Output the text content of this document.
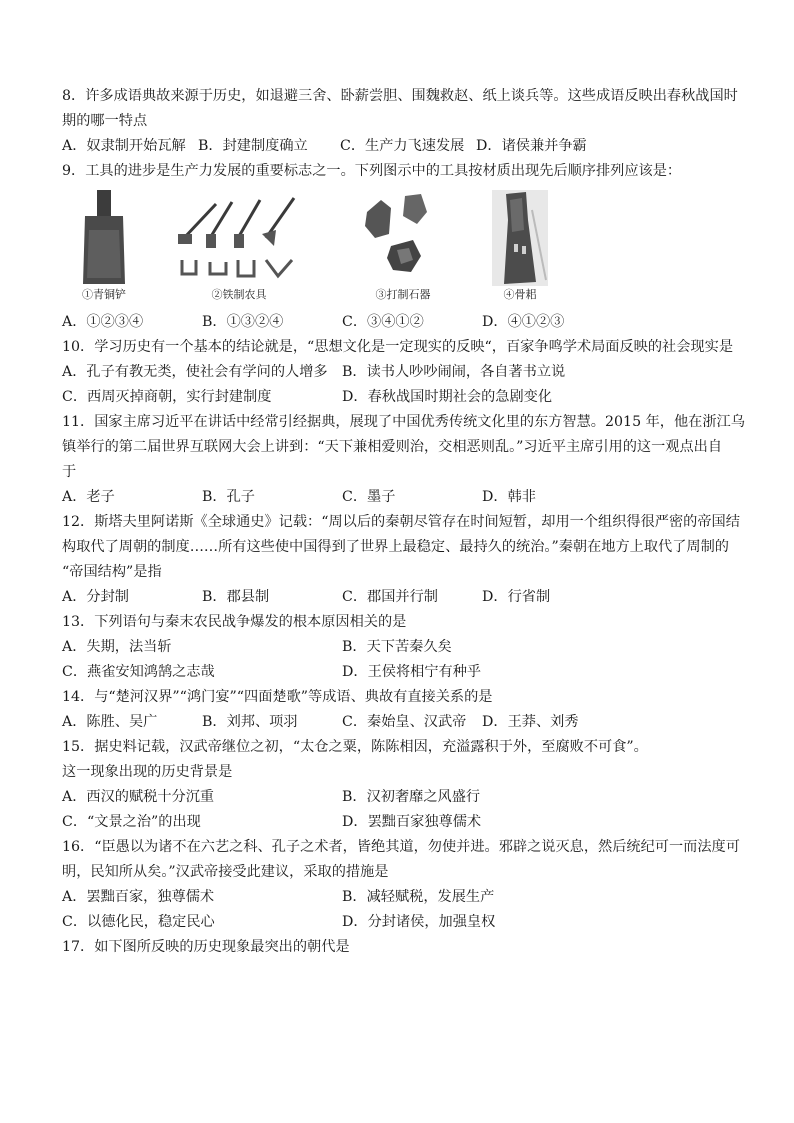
8．许多成语典故来源于历史，如退避三舍、卧薪尝胆、围魏救赵、纸上谈兵等。这些成语反映出春秋战国时
期的哪一特点
A．奴隶制开始瓦解 B．封建制度确立	C．生产力飞速发展 D．诸侯兼并争霸
9．工具的进步是生产力发展的重要标志之一。下列图示中的工具按材质出现先后顺序排列应该是：
①青铜铲	②铁制农具	③打制石器	④骨耜
A．①②③④	B．①③②④	C．③④①②	D．④①②③
10．学习历史有一个基本的结论就是，“思想文化是一定现实的反映“，百家争鸣学术局面反映的社会现实是
A．孔子有教无类，使社会有学问的人增多	B．读书人吵吵闹闹，各自著书立说
C．西周灭掉商朝，实行封建制度	D．春秋战国时期社会的急剧变化
11．国家主席习近平在讲话中经常引经据典，展现了中国优秀传统文化里的东方智慧。2015 年，他在浙江乌
镇举行的第二届世界互联网大会上讲到：“天下兼相爱则治，交相恶则乱。”习近平主席引用的这一观点出自
于
A．老子	B．孔子	C．墨子	D．韩非
12．斯塔夫里阿诺斯《全球通史》记载：“周以后的秦朝尽管存在时间短暂，却用一个组织得很严密的帝国结
构取代了周朝的制度……所有这些使中国得到了世界上最稳定、最持久的统治。”秦朝在地方上取代了周制的
“帝国结构”是指
A．分封制	B．郡县制	C．郡国并行制	D．行省制
13．下列语句与秦末农民战争爆发的根本原因相关的是
A．失期，法当斩	B．天下苦秦久矣
C．燕雀安知鸿鹄之志哉	D．王侯将相宁有种乎
14．与“楚河汉界”“鸿门宴”“四面楚歌”等成语、典故有直接关系的是
A．陈胜、吴广	B．刘邦、项羽	C．秦始皇、汉武帝	D．王莽、刘秀
15．据史料记载，汉武帝继位之初，“太仓之粟，陈陈相因，充溢露积于外，至腐败不可食”。
这一现象出现的历史背景是
A．西汉的赋税十分沉重	B．汉初奢靡之风盛行
C．“文景之治”的出现	D．罢黜百家独尊儒术
16．“臣愚以为诸不在六艺之科、孔子之术者，皆绝其道，勿使并进。邪辟之说灭息，然后统纪可一而法度可
明，民知所从矣。”汉武帝接受此建议，采取的措施是
A．罢黜百家，独尊儒术	B．减轻赋税，发展生产
C．以德化民，稳定民心	D．分封诸侯，加强皇权
17．如下图所反映的历史现象最突出的朝代是
